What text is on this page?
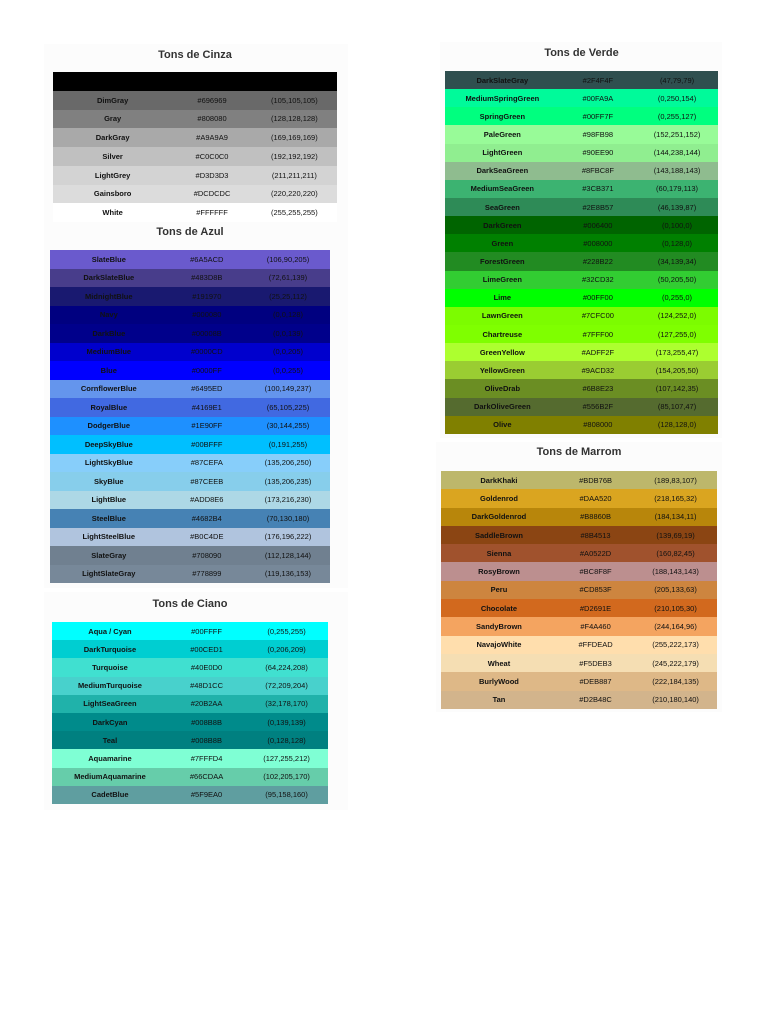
Tons de Cinza
Tons de Azul
Tons de Ciano
Tons de Verde
Tons de Marrom
Black	#000000	(0,0,0)
DimGray	#696969	(105,105,105)
Gray	#808080	(128,128,128)
DarkGray	#A9A9A9	(169,169,169)
Silver	#C0C0C0	(192,192,192)
LightGrey	#D3D3D3	(211,211,211)
Gainsboro	#DCDCDC	(220,220,220)
White	#FFFFFF	(255,255,255)
SlateBlue	#6A5ACD	(106,90,205)
DarkSlateBlue	#483D8B	(72,61,139)
MidnightBlue	#191970	(25,25,112)
Navy	#000080	(0,0,128)
DarkBlue	#00008B	(0,0,139)
MediumBlue	#0000CD	(0,0,205)
Blue	#0000FF	(0,0,255)
CornflowerBlue	#6495ED	(100,149,237)
RoyalBlue	#4169E1	(65,105,225)
DodgerBlue	#1E90FF	(30,144,255)
DeepSkyBlue	#00BFFF	(0,191,255)
LightSkyBlue	#87CEFA	(135,206,250)
SkyBlue	#87CEEB	(135,206,235)
LightBlue	#ADD8E6	(173,216,230)
SteelBlue	#4682B4	(70,130,180)
LightSteelBlue	#B0C4DE	(176,196,222)
SlateGray	#708090	(112,128,144)
LightSlateGray	#778899	(119,136,153)
Aqua / Cyan	#00FFFF	(0,255,255)
DarkTurquoise	#00CED1	(0,206,209)
Turquoise	#40E0D0	(64,224,208)
MediumTurquoise	#48D1CC	(72,209,204)
LightSeaGreen	#20B2AA	(32,178,170)
DarkCyan	#008B8B	(0,139,139)
Teal	#008B8B	(0,128,128)
Aquamarine	#7FFFD4	(127,255,212)
MediumAquamarine	#66CDAA	(102,205,170)
CadetBlue	#5F9EA0	(95,158,160)
DarkSlateGray	#2F4F4F	(47,79,79)
MediumSpringGreen	#00FA9A	(0,250,154)
SpringGreen	#00FF7F	(0,255,127)
PaleGreen	#98FB98	(152,251,152)
LightGreen	#90EE90	(144,238,144)
DarkSeaGreen	#8FBC8F	(143,188,143)
MediumSeaGreen	#3CB371	(60,179,113)
SeaGreen	#2E8B57	(46,139,87)
DarkGreen	#006400	(0,100,0)
Green	#008000	(0,128,0)
ForestGreen	#228B22	(34,139,34)
LimeGreen	#32CD32	(50,205,50)
Lime	#00FF00	(0,255,0)
LawnGreen	#7CFC00	(124,252,0)
Chartreuse	#7FFF00	(127,255,0)
GreenYellow	#ADFF2F	(173,255,47)
YellowGreen	#9ACD32	(154,205,50)
OliveDrab	#6B8E23	(107,142,35)
DarkOliveGreen	#556B2F	(85,107,47)
Olive	#808000	(128,128,0)
DarkKhaki	#BDB76B	(189,83,107)
Goldenrod	#DAA520	(218,165,32)
DarkGoldenrod	#B8860B	(184,134,11)
SaddleBrown	#8B4513	(139,69,19)
Sienna	#A0522D	(160,82,45)
RosyBrown	#BC8F8F	(188,143,143)
Peru	#CD853F	(205,133,63)
Chocolate	#D2691E	(210,105,30)
SandyBrown	#F4A460	(244,164,96)
NavajoWhite	#FFDEAD	(255,222,173)
Wheat	#F5DEB3	(245,222,179)
BurlyWood	#DEB887	(222,184,135)
Tan	#D2B48C	(210,180,140)
